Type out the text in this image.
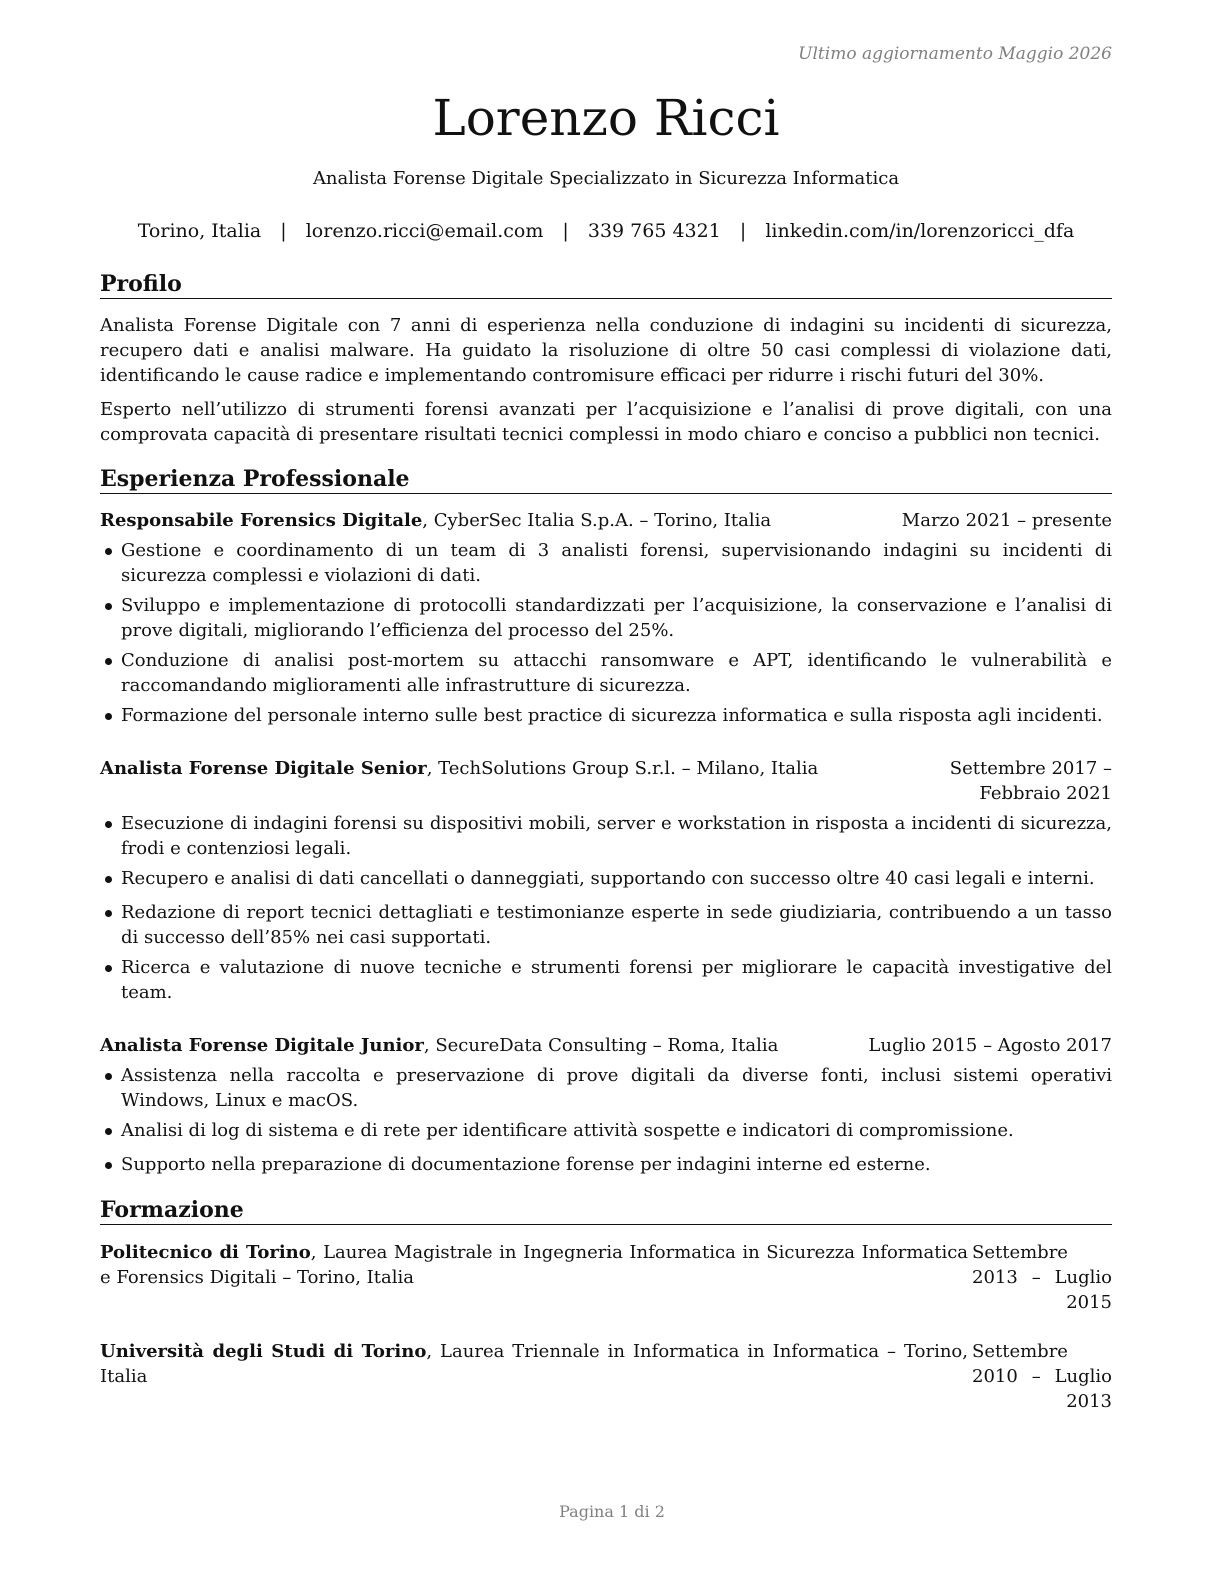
Ultimo aggiornamento Maggio 2026
Lorenzo Ricci
Analista Forense Digitale Specializzato in Sicurezza Informatica
Torino, Italia | lorenzo.ricci@email.com | 339 765 4321 | linkedin.com/in/lorenzoricci_dfa
Profilo

Analista Forense Digitale con 7 anni di esperienza nella conduzione di indagini su incidenti di sicurezza, recupero dati e analisi malware. Ha guidato la risoluzione di oltre 50 casi complessi di violazione dati, identificando le cause radice e implementando contromisure efficaci per ridurre i rischi futuri del 30%.

Esperto nell’utilizzo di strumenti forensi avanzati per l’acquisizione e l’analisi di prove digitali, con una comprovata capacità di presentare risultati tecnici complessi in modo chiaro e conciso a pubblici non tecnici.

Esperienza Professionale
Responsabile Forensics Digitale, CyberSec Italia S.p.A. – Torino, Italia	Marzo 2021 – presente
Gestione e coordinamento di un team di 3 analisti forensi, supervisionando indagini su incidenti di sicurezza complessi e violazioni di dati.
Sviluppo e implementazione di protocolli standardizzati per l’acquisizione, la conservazione e l’analisi di prove digitali, migliorando l’efficienza del processo del 25%.
Conduzione di analisi post-mortem su attacchi ransomware e APT, identificando le vulnerabilità e raccomandando miglioramenti alle infrastrutture di sicurezza.
Formazione del personale interno sulle best practice di sicurezza informatica e sulla risposta agli incidenti.
Analista Forense Digitale Senior, TechSolutions Group S.r.l. – Milano, Italia	Settembre 2017 – Febbraio 2021
Esecuzione di indagini forensi su dispositivi mobili, server e workstation in risposta a incidenti di sicurezza, frodi e contenziosi legali.
Recupero e analisi di dati cancellati o danneggiati, supportando con successo oltre 40 casi legali e interni.
Redazione di report tecnici dettagliati e testimonianze esperte in sede giudiziaria, contribuendo a un tasso di successo dell’85% nei casi supportati.
Ricerca e valutazione di nuove tecniche e strumenti forensi per migliorare le capacità investigative del team.
Analista Forense Digitale Junior, SecureData Consulting – Roma, Italia	Luglio 2015 – Agosto 2017
Assistenza nella raccolta e preservazione di prove digitali da diverse fonti, inclusi sistemi operativi Windows, Linux e macOS.
Analisi di log di sistema e di rete per identificare attività sospette e indicatori di compromissione.
Supporto nella preparazione di documentazione forense per indagini interne ed esterne.
Formazione
Politecnico di Torino, Laurea Magistrale in Ingegneria Informatica in Sicurezza Informatica e Forensics Digitali – Torino, Italia
Settembre 2013 – Luglio 2015
Università degli Studi di Torino, Laurea Triennale in Informatica in Informatica – Torino, Italia
Settembre 2010 – Luglio 2013
Pagina 1 di 2
